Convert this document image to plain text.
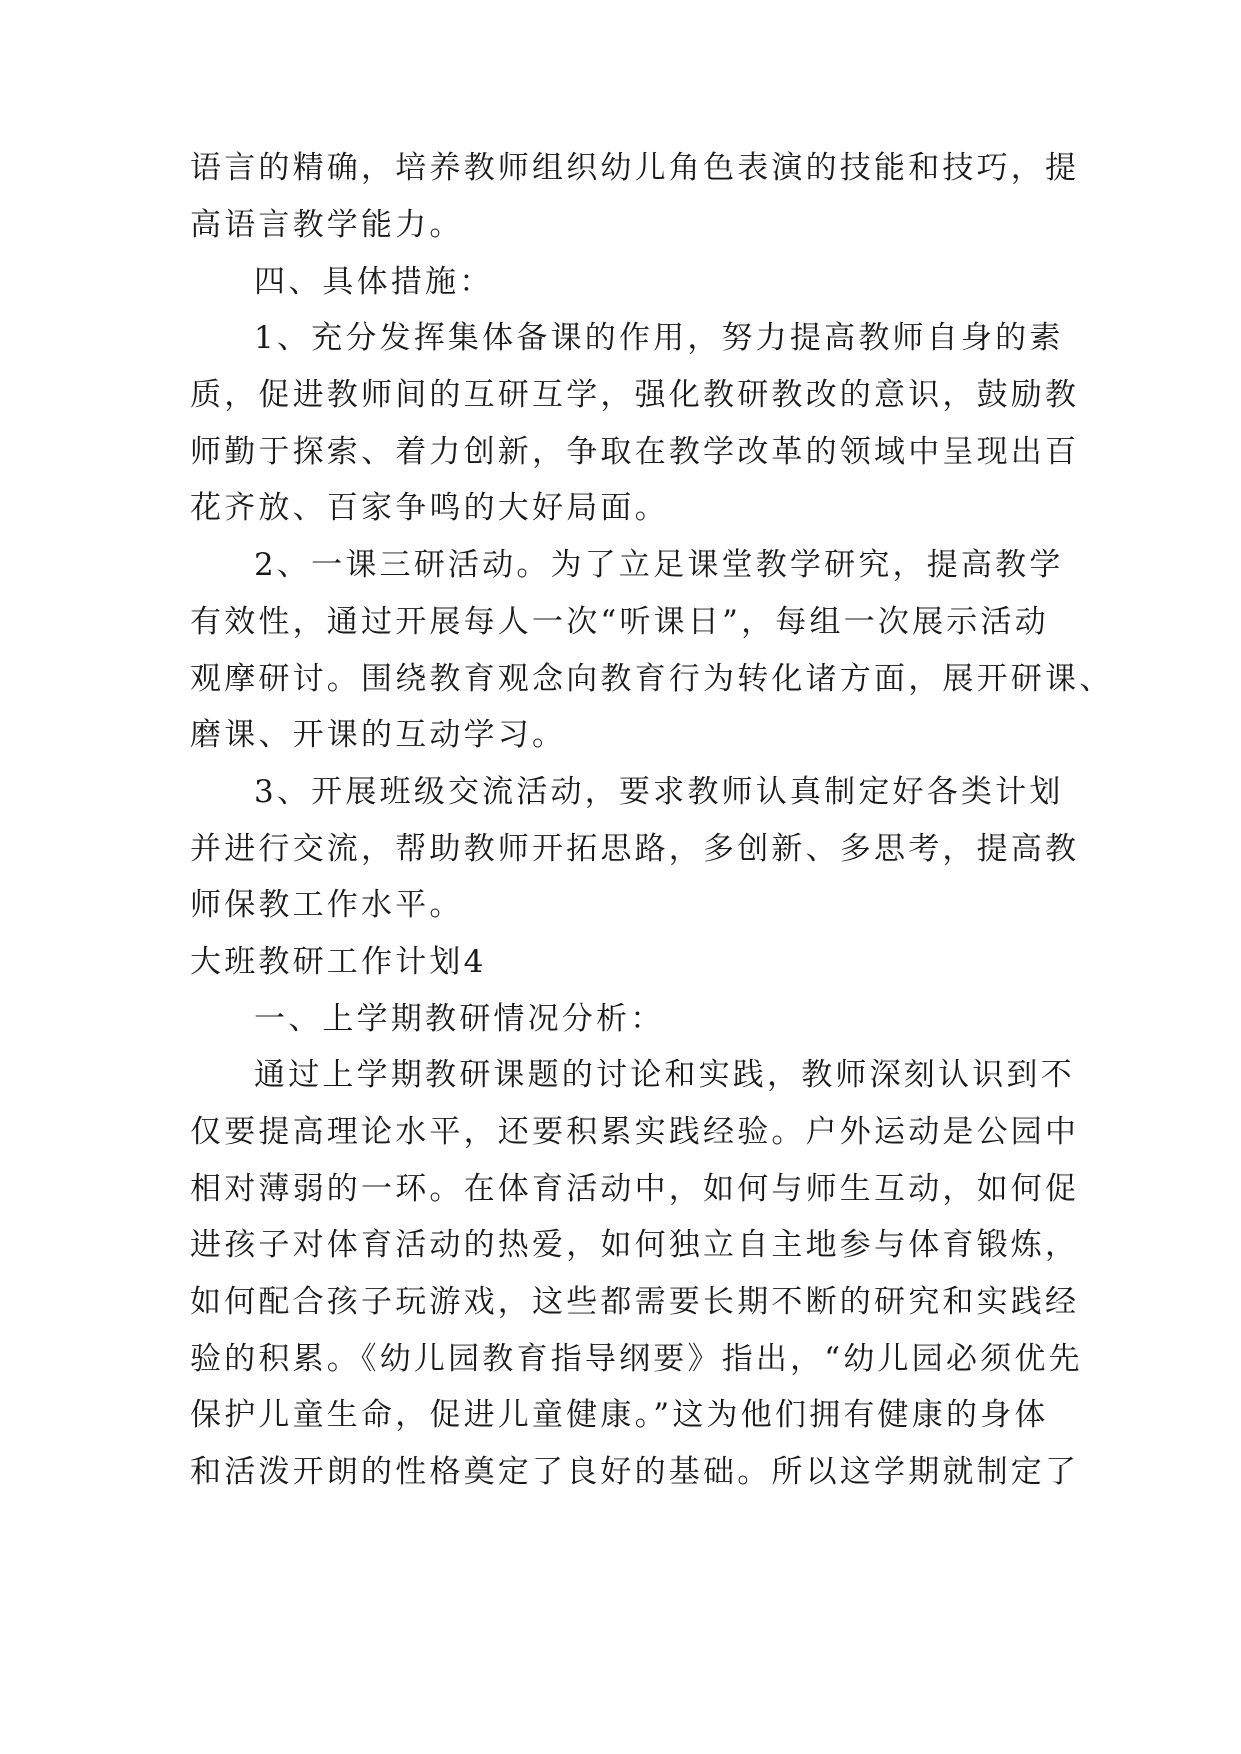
语言的精确，培养教师组织幼儿角色表演的技能和技巧，提
高语言教学能力。
四、具体措施：
1、充分发挥集体备课的作用，努力提高教师自身的素
质，促进教师间的互研互学，强化教研教改的意识，鼓励教
师勤于探索、着力创新，争取在教学改革的领域中呈现出百
花齐放、百家争鸣的大好局面。
2、一课三研活动。为了立足课堂教学研究，提高教学
有效性，通过开展每人一次“听课日”，每组一次展示活动
观摩研讨。围绕教育观念向教育行为转化诸方面，展开研课、
磨课、开课的互动学习。
3、开展班级交流活动，要求教师认真制定好各类计划
并进行交流，帮助教师开拓思路，多创新、多思考，提高教
师保教工作水平。
大班教研工作计划4
一、上学期教研情况分析：
通过上学期教研课题的讨论和实践，教师深刻认识到不
仅要提高理论水平，还要积累实践经验。户外运动是公园中
相对薄弱的一环。在体育活动中，如何与师生互动，如何促
进孩子对体育活动的热爱，如何独立自主地参与体育锻炼，
如何配合孩子玩游戏，这些都需要长期不断的研究和实践经
验的积累。《幼儿园教育指导纲要》指出，“幼儿园必须优先
保护儿童生命，促进儿童健康。”这为他们拥有健康的身体
和活泼开朗的性格奠定了良好的基础。所以这学期就制定了
